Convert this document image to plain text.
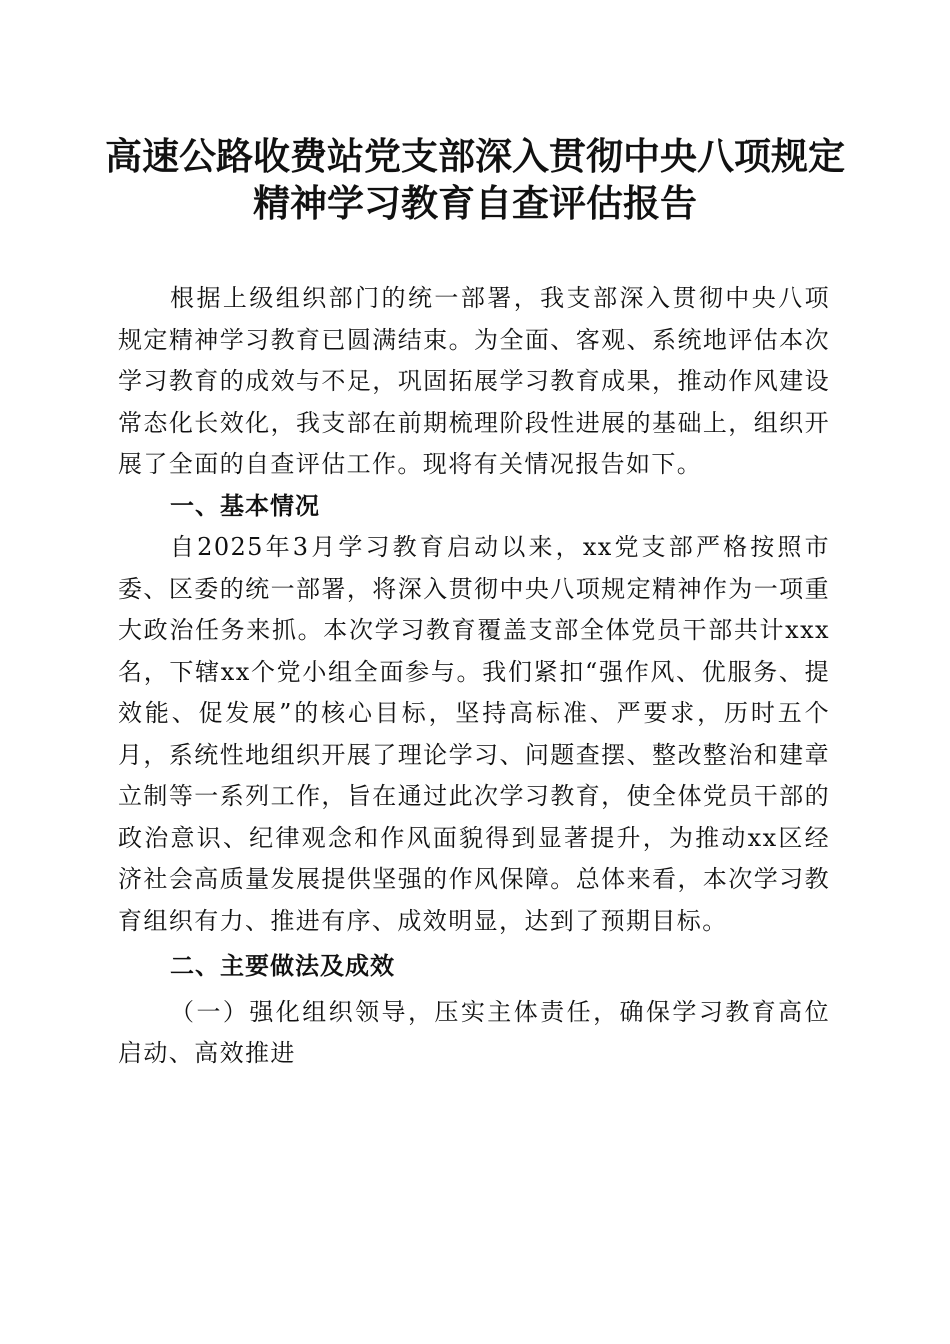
高速公路收费站党支部深入贯彻中央八项规定
精神学习教育自查评估报告

根据上级组织部门的统一部署，我支部深入贯彻中央八项规定精神学习教育已圆满结束。为全面、客观、系统地评估本次学习教育的成效与不足，巩固拓展学习教育成果，推动作风建设常态化长效化，我支部在前期梳理阶段性进展的基础上，组织开展了全面的自查评估工作。现将有关情况报告如下。

一、基本情况

自2025年3月学习教育启动以来，xx党支部严格按照市委、区委的统一部署，将深入贯彻中央八项规定精神作为一项重大政治任务来抓。本次学习教育覆盖支部全体党员干部共计xxx名，下辖xx个党小组全面参与。我们紧扣“强作风、优服务、提效能、促发展”的核心目标，坚持高标准、严要求，历时五个月，系统性地组织开展了理论学习、问题查摆、整改整治和建章立制等一系列工作，旨在通过此次学习教育，使全体党员干部的政治意识、纪律观念和作风面貌得到显著提升，为推动xx区经济社会高质量发展提供坚强的作风保障。总体来看，本次学习教育组织有力、推进有序、成效明显，达到了预期目标。

二、主要做法及成效

（一）强化组织领导，压实主体责任，确保学习教育高位启动、高效推进
